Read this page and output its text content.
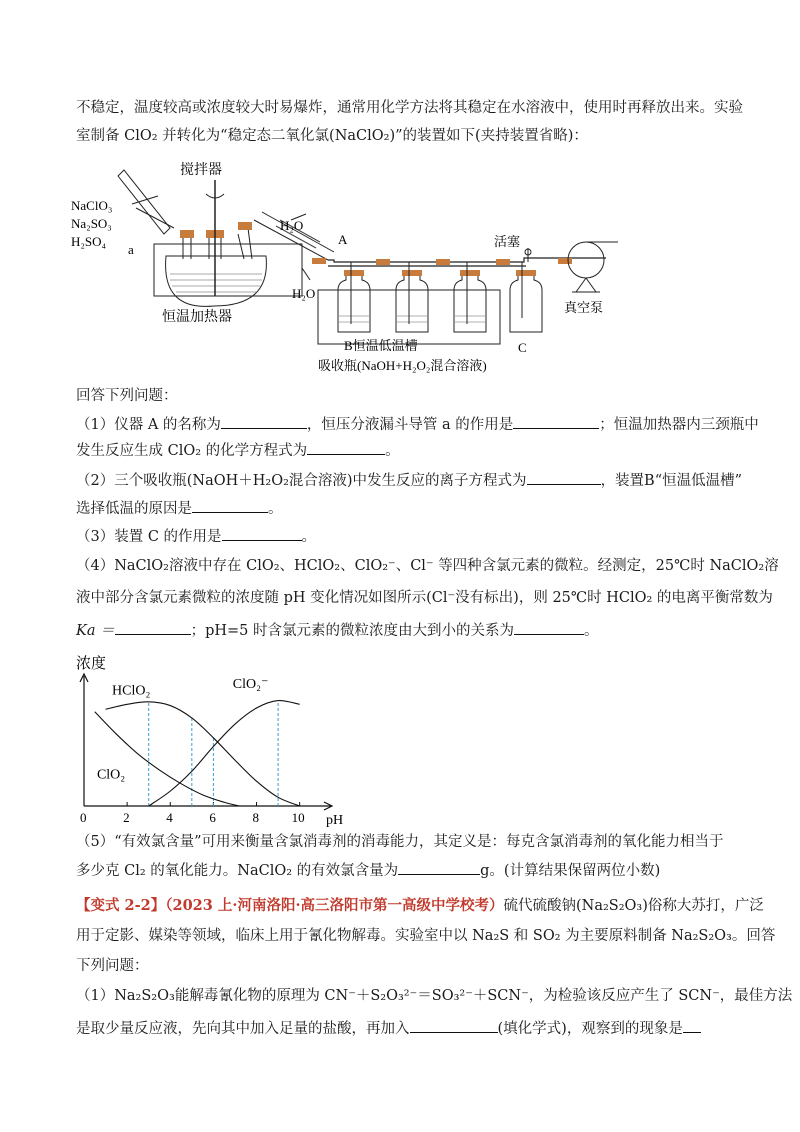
不稳定，温度较高或浓度较大时易爆炸，通常用化学方法将其稳定在水溶液中，使用时再释放出来。实验
室制备 ClO₂ 并转化为“稳定态二氧化氯(NaClO₂)”的装置如下(夹持装置省略)：
恒温加热器
搅拌器
NaClO₃
Na₂SO₃
H₂SO₄
a
H₂O
A
H₂O
B恒温低温槽
吸收瓶(NaOH+H₂O₂混合溶液)
活塞
C
真空泵
回答下列问题：
（1）仪器 A 的名称为	，恒压分液漏斗导管 a 的作用是	；恒温加热器内三颈瓶中
发生反应生成 ClO₂ 的化学方程式为	。
（2）三个吸收瓶(NaOH＋H₂O₂混合溶液)中发生反应的离子方程式为	，装置B“恒温低温槽”
选择低温的原因是	。
（3）装置 C 的作用是	。
（4）NaClO₂溶液中存在 ClO₂、HClO₂、ClO₂⁻、Cl⁻ 等四种含氯元素的微粒。经测定，25℃时 NaClO₂溶
液中部分含氯元素微粒的浓度随 pH 变化情况如图所示(Cl⁻没有标出)，则 25℃时 HClO₂ 的电离平衡常数为
Ka ＝	；pH=5 时含氯元素的微粒浓度由大到小的关系为	。
浓度
pH
0	2	4	6	8	10
HClO₂	ClO₂⁻
ClO₂
（5）“有效氯含量”可用来衡量含氯消毒剂的消毒能力，其定义是：每克含氯消毒剂的氧化能力相当于
多少克 Cl₂ 的氧化能力。NaClO₂ 的有效氯含量为	g。(计算结果保留两位小数)
【变式 2-2】（2023 上·河南洛阳·高三洛阳市第一高级中学校考）硫代硫酸钠(Na₂S₂O₃)俗称大苏打，广泛
用于定影、媒染等领域，临床上用于氰化物解毒。实验室中以 Na₂S 和 SO₂ 为主要原料制备 Na₂S₂O₃。回答
下列问题：
（1）Na₂S₂O₃能解毒氰化物的原理为 CN⁻＋S₂O₃²⁻＝SO₃²⁻＋SCN⁻，为检验该反应产生了 SCN⁻，最佳方法
是取少量反应液，先向其中加入足量的盐酸，再加入	(填化学式)，观察到的现象是
